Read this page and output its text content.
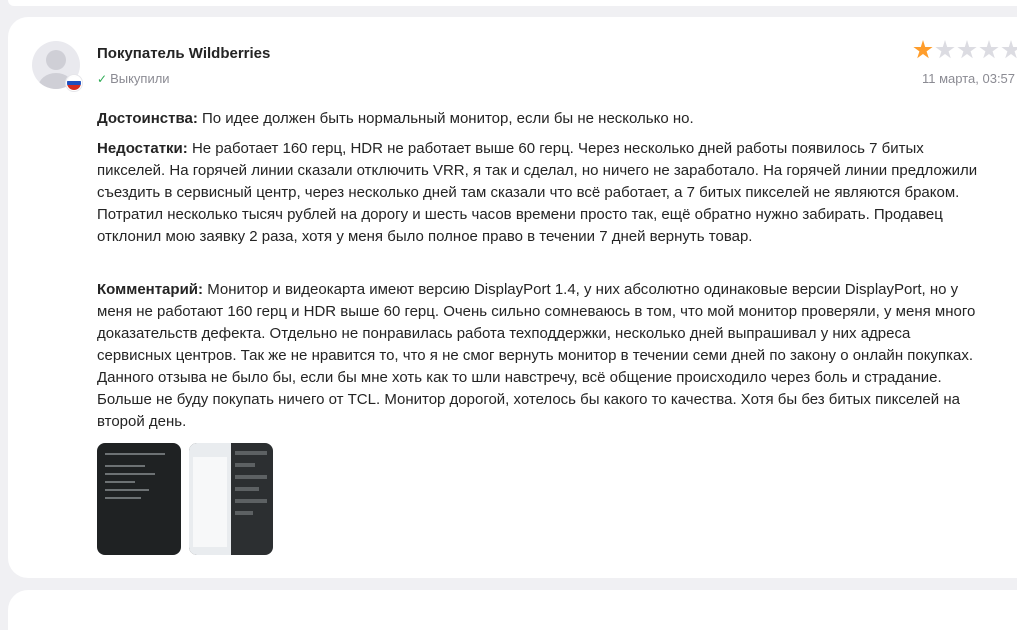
Покупатель Wildberries
✓ Выкупили	11 марта, 03:57
Достоинства: По идее должен быть нормальный монитор, если бы не несколько но.
Недостатки: Не работает 160 герц, HDR не работает выше 60 герц. Через несколько дней работы появилось 7 битых пикселей. На горячей линии сказали отключить VRR, я так и сделал, но ничего не заработало. На горячей линии предложили съездить в сервисный центр, через несколько дней там сказали что всё работает, а 7 битых пикселей не являются браком. Потратил несколько тысяч рублей на дорогу и шесть часов времени просто так, ещё обратно нужно забирать. Продавец отклонил мою заявку 2 раза, хотя у меня было полное право в течении 7 дней вернуть товар.
Комментарий: Монитор и видеокарта имеют версию DisplayPort 1.4, у них абсолютно одинаковые версии DisplayPort, но у меня не работают 160 герц и HDR выше 60 герц. Очень сильно сомневаюсь в том, что мой монитор проверяли, у меня много доказательств дефекта. Отдельно не понравилась работа техподдержки, несколько дней выпрашивал у них адреса сервисных центров. Так же не нравится то, что я не смог вернуть монитор в течении семи дней по закону о онлайн покупках. Данного отзыва не было бы, если бы мне хоть как то шли навстречу, всё общение происходило через боль и страдание. Больше не буду покупать ничего от TCL. Монитор дорогой, хотелось бы какого то качества. Хотя бы без битых пикселей на второй день.
